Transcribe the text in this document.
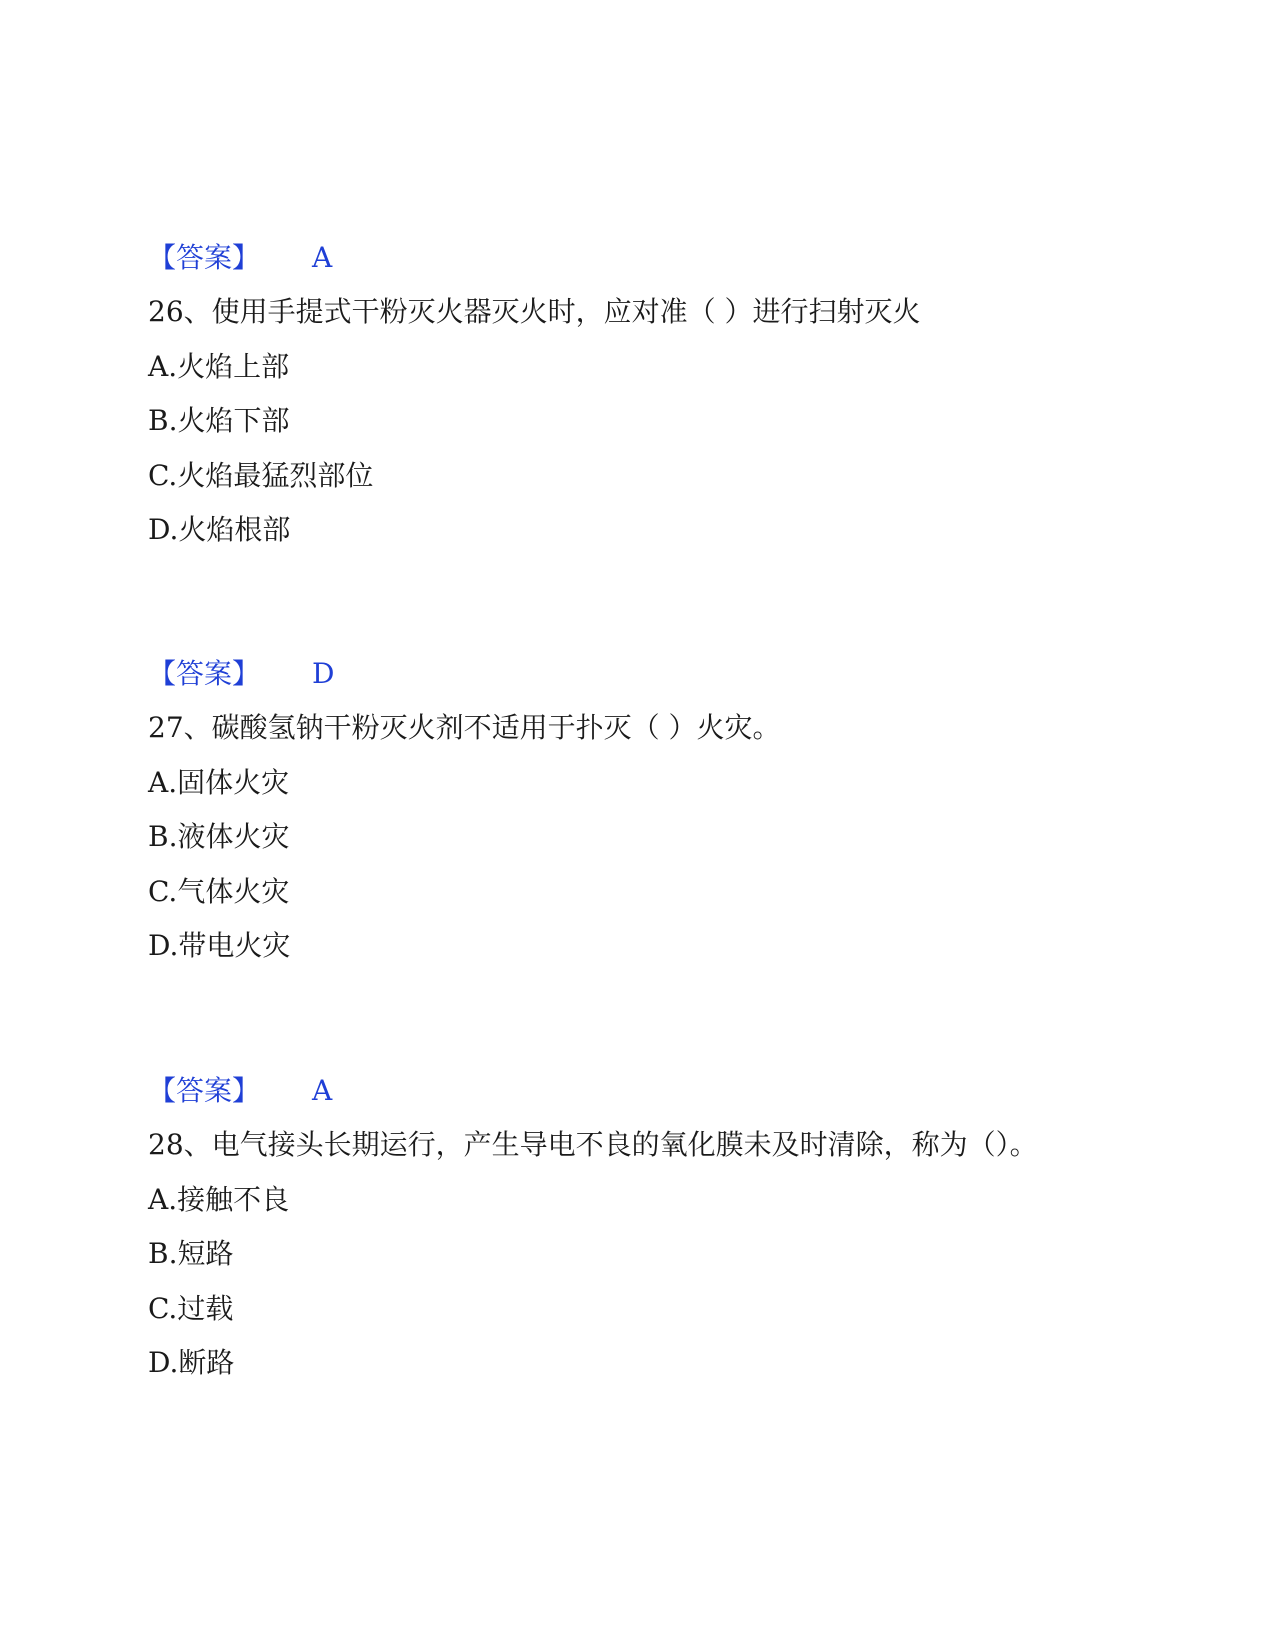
【答案】 A
26、使用手提式干粉灭火器灭火时，应对准（ ）进行扫射灭火
A.火焰上部
B.火焰下部
C.火焰最猛烈部位
D.火焰根部
【答案】 D
27、碳酸氢钠干粉灭火剂不适用于扑灭（ ）火灾。
A.固体火灾
B.液体火灾
C.气体火灾
D.带电火灾
【答案】 A
28、电气接头长期运行，产生导电不良的氧化膜未及时清除，称为（）。
A.接触不良
B.短路
C.过载
D.断路
